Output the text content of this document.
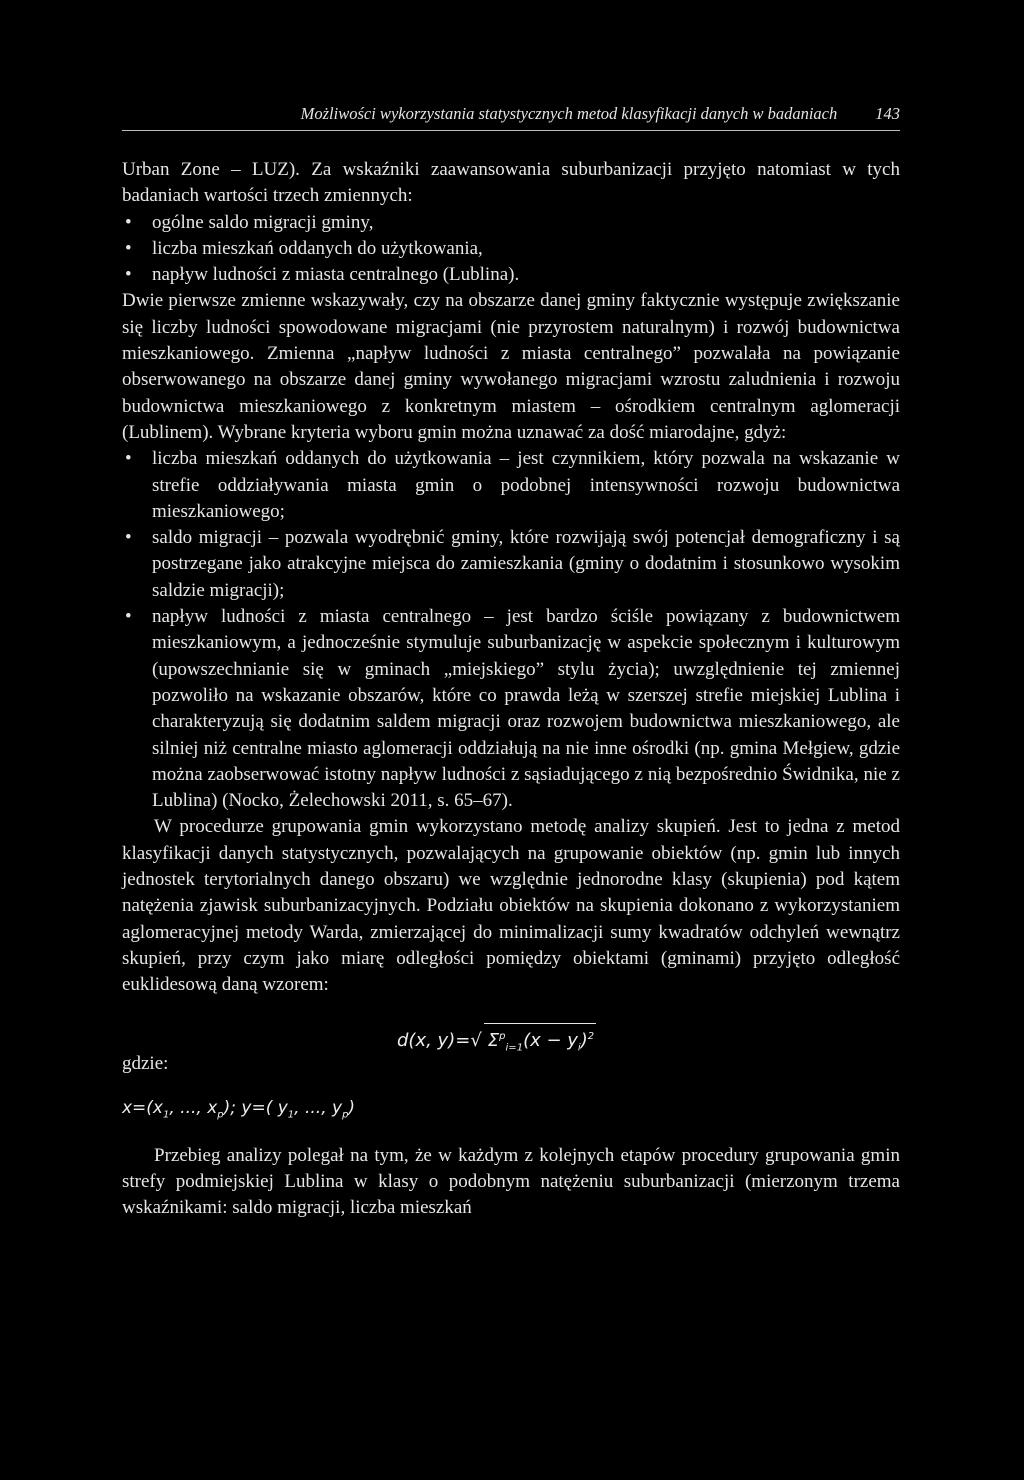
Możliwości wykorzystania statystycznych metod klasyfikacji danych w badaniach 143

Urban Zone – LUZ). Za wskaźniki zaawansowania suburbanizacji przyjęto natomiast w tych badaniach wartości trzech zmiennych:

• ogólne saldo migracji gminy,
• liczba mieszkań oddanych do użytkowania,
• napływ ludności z miasta centralnego (Lublina).

Dwie pierwsze zmienne wskazywały, czy na obszarze danej gminy faktycznie występuje zwiększanie się liczby ludności spowodowane migracjami (nie przyrostem naturalnym) i rozwój budownictwa mieszkaniowego. Zmienna „napływ ludności z miasta centralnego” pozwalała na powiązanie obserwowanego na obszarze danej gminy wywołanego migracjami wzrostu zaludnienia i rozwoju budownictwa mieszkaniowego z konkretnym miastem – ośrodkiem centralnym aglomeracji (Lublinem). Wybrane kryteria wyboru gmin można uznawać za dość miarodajne, gdyż:

• liczba mieszkań oddanych do użytkowania – jest czynnikiem, który pozwala na wskazanie w strefie oddziaływania miasta gmin o podobnej intensywności rozwoju budownictwa mieszkaniowego;
• saldo migracji – pozwala wyodrębnić gminy, które rozwijają swój potencjał demograficzny i są postrzegane jako atrakcyjne miejsca do zamieszkania (gminy o dodatnim i stosunkowo wysokim saldzie migracji);
• napływ ludności z miasta centralnego – jest bardzo ściśle powiązany z budownictwem mieszkaniowym, a jednocześnie stymuluje suburbanizację w aspekcie społecznym i kulturowym (upowszechnianie się w gminach „miejskiego” stylu życia); uwzględnienie tej zmiennej pozwoliło na wskazanie obszarów, które co prawda leżą w szerszej strefie miejskiej Lublina i charakteryzują się dodatnim saldem migracji oraz rozwojem budownictwa mieszkaniowego, ale silniej niż centralne miasto aglomeracji oddziałują na nie inne ośrodki (np. gmina Mełgiew, gdzie można zaobserwować istotny napływ ludności z sąsiadującego z nią bezpośrednio Świdnika, nie z Lublina) (Nocko, Żelechowski 2011, s. 65–67).

W procedurze grupowania gmin wykorzystano metodę analizy skupień. Jest to jedna z metod klasyfikacji danych statystycznych, pozwalających na grupowanie obiektów (np. gmin lub innych jednostek terytorialnych danego obszaru) we względnie jednorodne klasy (skupienia) pod kątem natężenia zjawisk suburbanizacyjnych. Podziału obiektów na skupienia dokonano z wykorzystaniem aglomeracyjnej metody Warda, zmierzającej do minimalizacji sumy kwadratów odchyleń wewnątrz skupień, przy czym jako miarę odległości pomiędzy obiektami (gminami) przyjęto odległość euklidesową daną wzorem:

d(x, y)=√ $\Sigma^p_{i=1}(x - y_i)^2$
gdzie:
$x=(x_1$, ..., $x_p$); y=( $y_1$, ..., $y_p$)

Przebieg analizy polegał na tym, że w każdym z kolejnych etapów procedury grupowania gmin strefy podmiejskiej Lublina w klasy o podobnym natężeniu suburbanizacji (mierzonym trzema wskaźnikami: saldo migracji, liczba mieszkań
